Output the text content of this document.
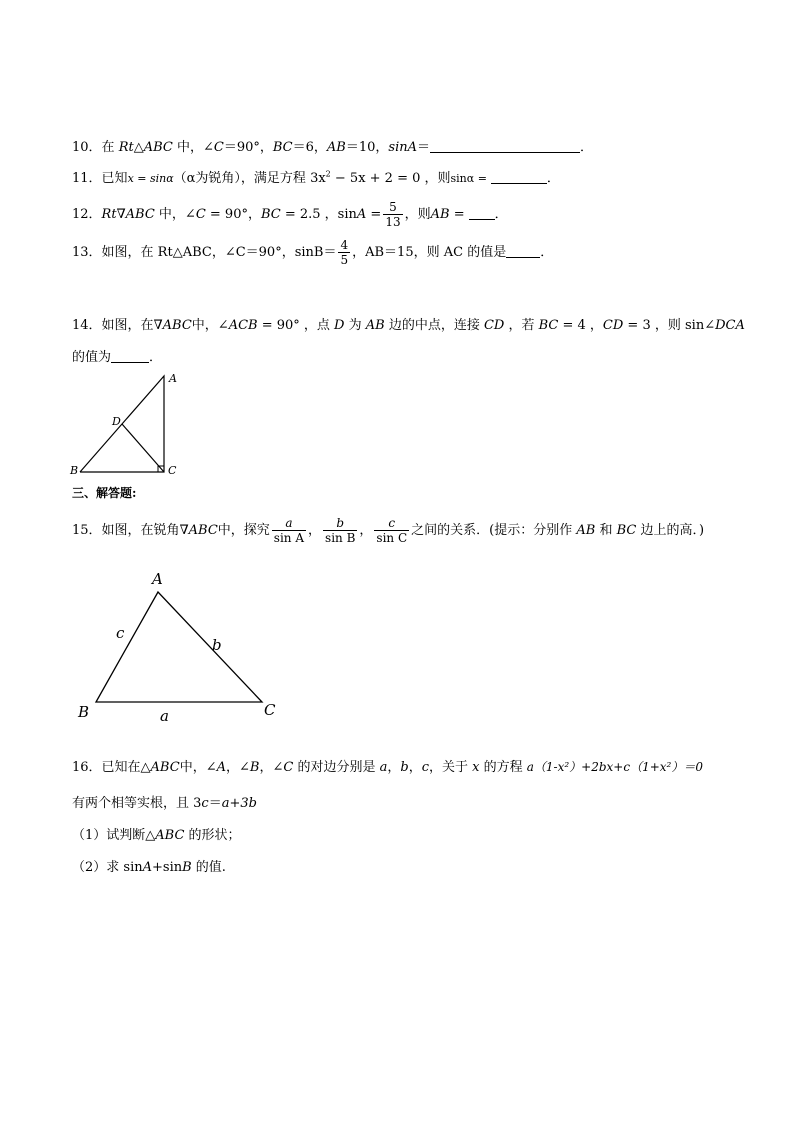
10．在 Rt△ABC 中，∠C＝90°，BC＝6，AB＝10，sinA＝	．
11．已知x = sinα（α为锐角），满足方程 $3x^2 - 5x + 2 = 0$ ，则sinα =	．
12．Rt∇ABC 中，∠C = 90°，BC = 2.5 ，$\sin A = \frac{5}{13}$ ，则AB = ．
13．如图，在 Rt△ABC，∠C＝90°，$\sin B= \frac{4}{5}$ ，AB＝15，则 AC 的值是	．
14．如图，在∇ABC中，∠ACB = 90° ，点 D 为 AB 边的中点，连接 CD ，若 BC = 4 ，CD = 3 ，则 sin∠DCA
的值为	．
A
B	C
D
三、解答题:
15．如图，在锐角∇ABC中，探究 $\frac{a}{\text{sin A}}$ ， $\frac{b}{\text{sin B}}$ ， $\frac{c}{\text{sin C}}$ 之间的关系．(提示：分别作 AB 和 BC 边上的高．)
A
B	C
a
b
c
16．已知在△ABC中，∠A，∠B，∠C 的对边分别是 a，b，c，关于 x 的方程 a（1-x²）+2bx+c（1+x²）＝0
有两个相等实根，且 3c＝a+3b
（1）试判断△ABC 的形状；
（2）求 sinA+sinB 的值.
